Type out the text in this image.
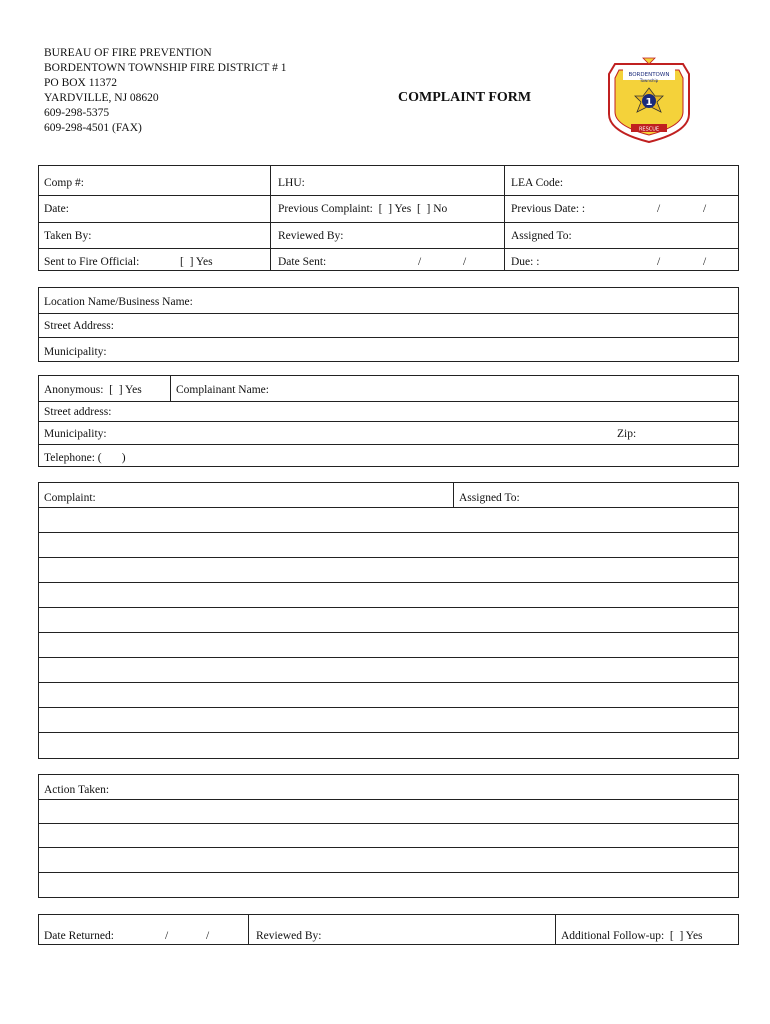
BUREAU OF FIRE PREVENTION
BORDENTOWN TOWNSHIP FIRE DISTRICT # 1
PO BOX 11372
YARDVILLE, NJ 08620
609-298-5375
609-298-4501 (FAX)
COMPLAINT FORM
BORDENTOWN
Township
1
RESCUE
Comp #:	LHU:	LEA Code:
Date:	Previous Complaint:  [  ] Yes  [  ] No	Previous Date: :	/	/
Taken By:	Reviewed By:	Assigned To:
Sent to Fire Official:	[  ] Yes	Date Sent:	/	/	Due: :	/	/
Location Name/Business Name:
Street Address:
Municipality:
Anonymous:  [  ] Yes	Complainant Name:
Street address:
Municipality:	Zip:
Telephone: (       )
Complaint:	Assigned To:
Action Taken:
Date Returned:	/	/	Reviewed By:	Additional Follow-up:  [  ] Yes
